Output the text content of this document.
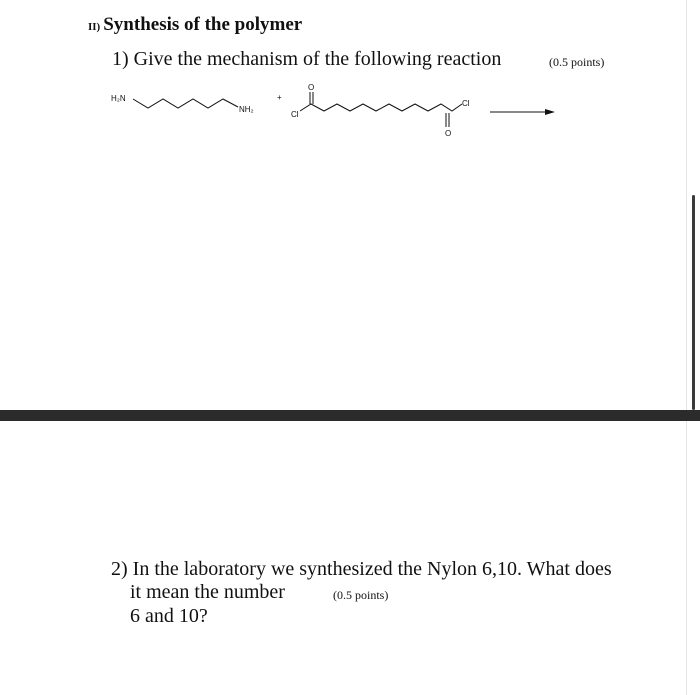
II) Synthesis of the polymer
1) Give the mechanism of the following reaction	(0.5 points)
H₂N
NH₂
+
Cl
O
Cl
O
2) In the laboratory we synthesized the Nylon 6,10. What does
it mean the number	(0.5 points)
6 and 10?
